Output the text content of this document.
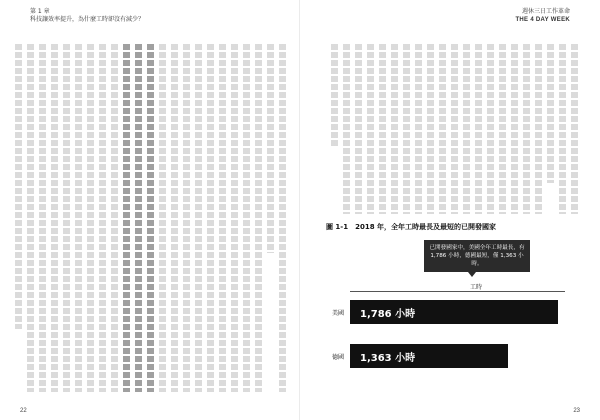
第 1 章
科技讓效率提升，為什麼工時卻沒有減少？
22
週休三日工作革命
THE 4 DAY WEEK
23
圖 1-1　2018 年，全年工時最長及最短的已開發國家
已開發國家中，美國全年工時最長，有 1,786 小時，德國最短，僅 1,363 小時。
工時
美國 1,786 小時
德國 1,363 小時
